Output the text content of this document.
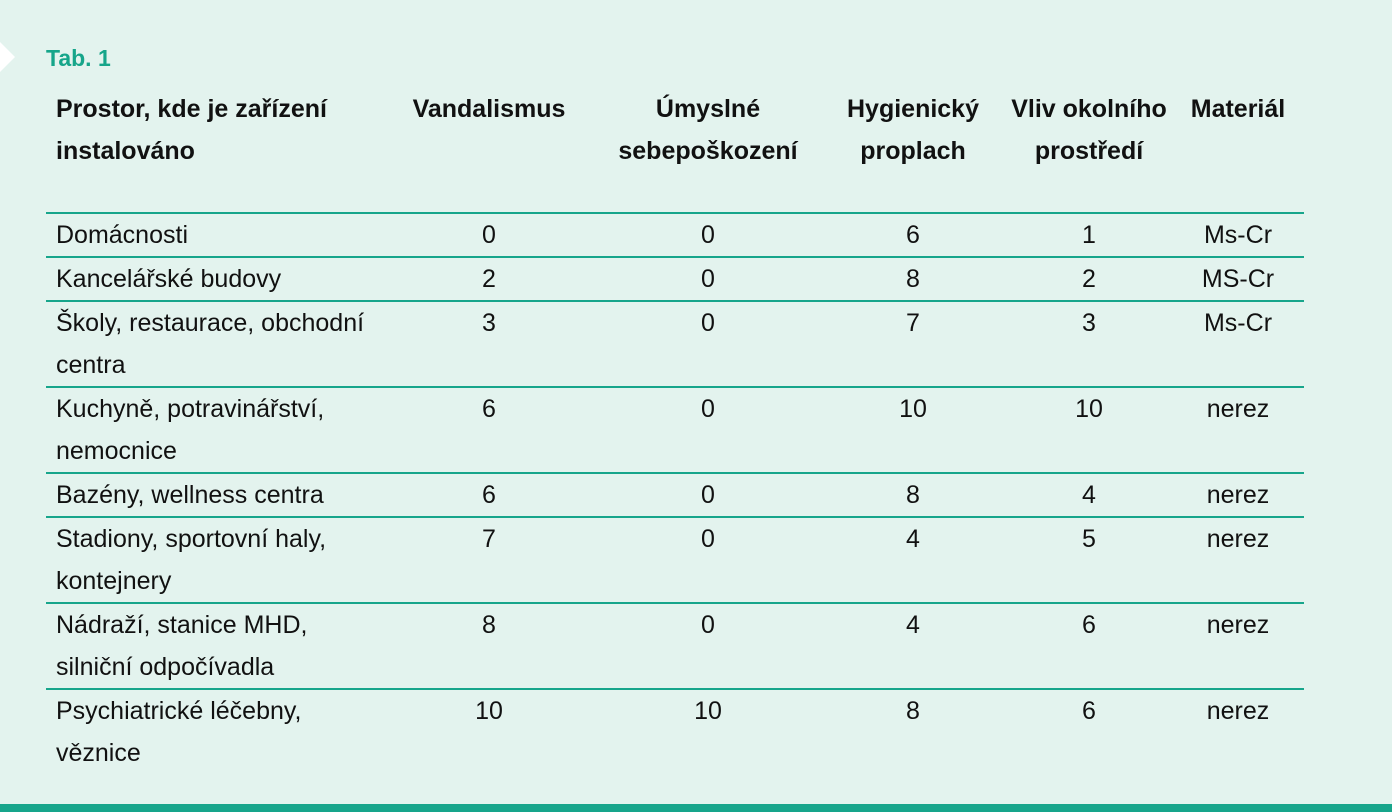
Tab. 1
Prostor, kde je zařízení instalováno	Vandalismus	Úmyslné sebepoškození	Hygienický proplach	Vliv okolního prostředí	Materiál
Domácnosti	0	0	6	1	Ms-Cr
Kancelářské budovy	2	0	8	2	MS-Cr
Školy, restaurace, obchodní centra	3	0	7	3	Ms-Cr
Kuchyně, potravinářství, nemocnice	6	0	10	10	nerez
Bazény, wellness centra	6	0	8	4	nerez
Stadiony, sportovní haly, kontejnery	7	0	4	5	nerez
Nádraží, stanice MHD, silniční odpočívadla	8	0	4	6	nerez
Psychiatrické léčebny, věznice	10	10	8	6	nerez
